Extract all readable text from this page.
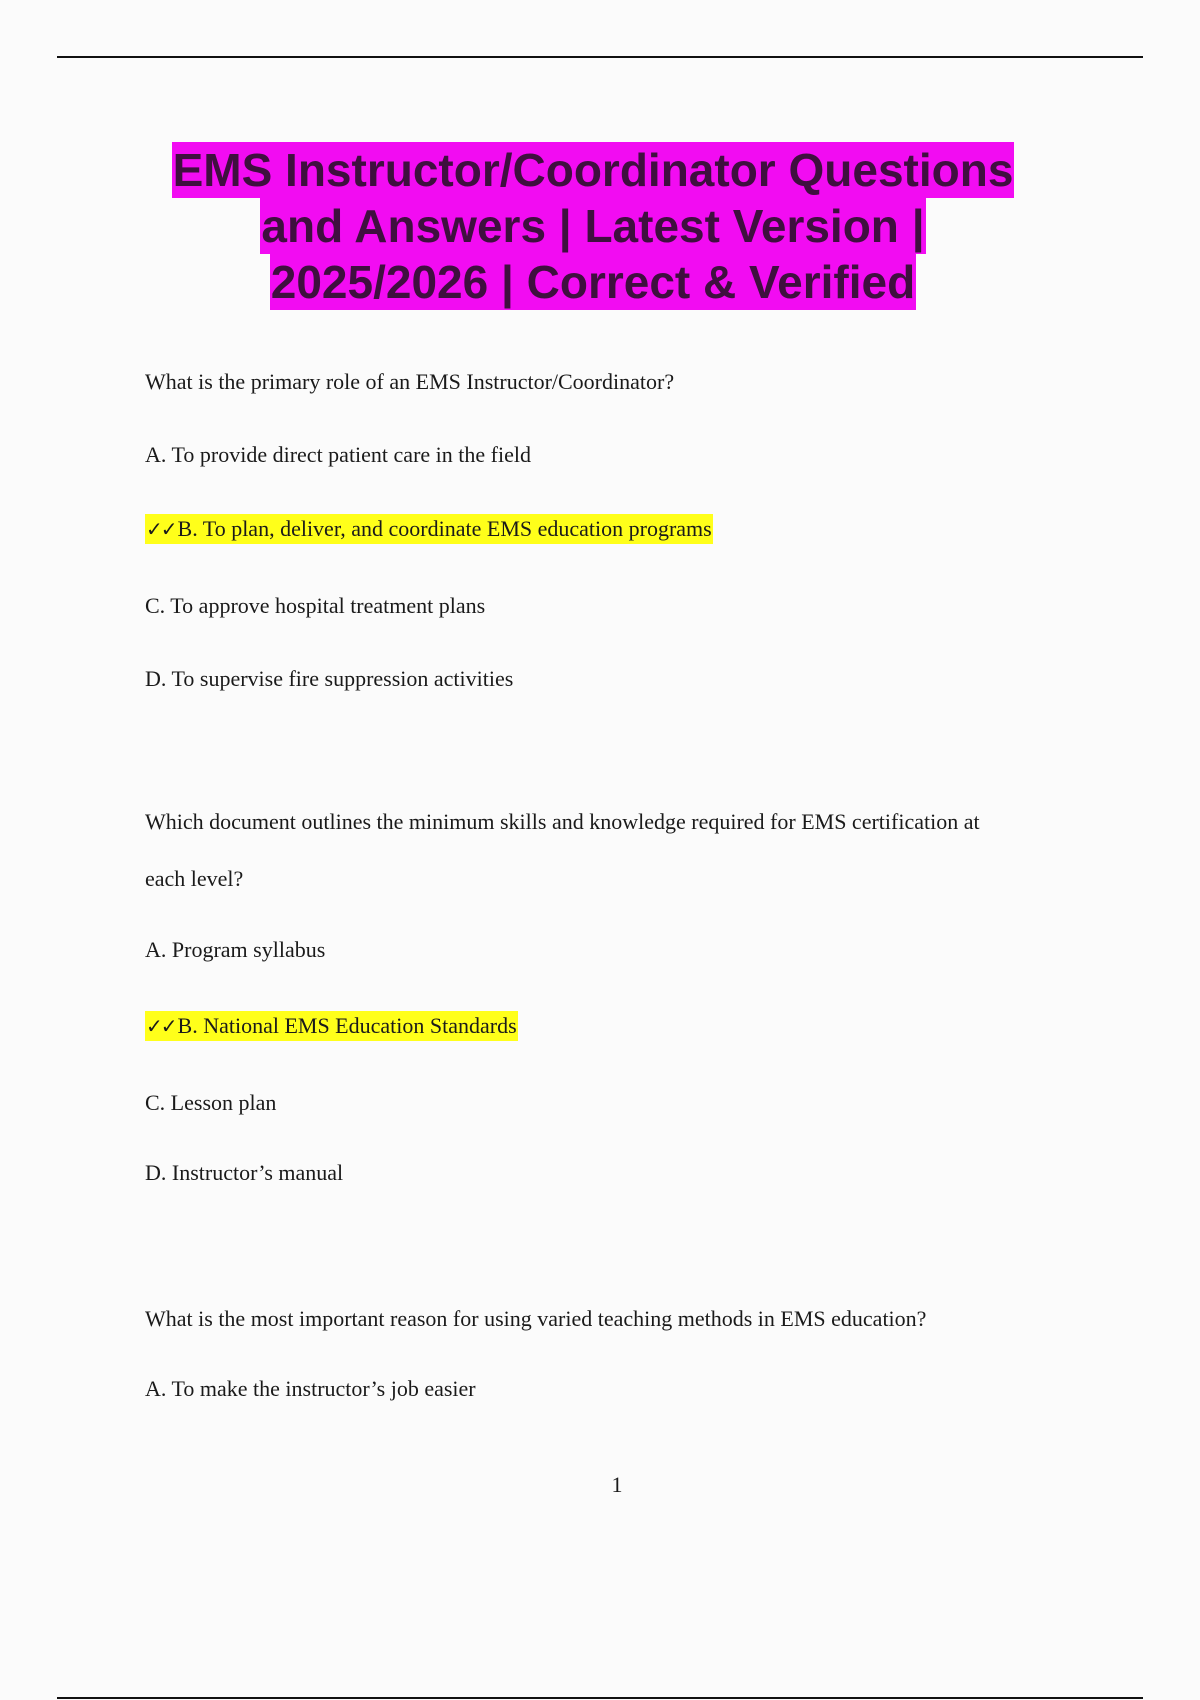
EMS Instructor/Coordinator Questions
and Answers | Latest Version |
2025/2026 | Correct & Verified
What is the primary role of an EMS Instructor/Coordinator?
A. To provide direct patient care in the field
✓✓B. To plan, deliver, and coordinate EMS education programs
C. To approve hospital treatment plans
D. To supervise fire suppression activities
Which document outlines the minimum skills and knowledge required for EMS certification at
each level?
A. Program syllabus
✓✓B. National EMS Education Standards
C. Lesson plan
D. Instructor’s manual
What is the most important reason for using varied teaching methods in EMS education?
A. To make the instructor’s job easier
1
